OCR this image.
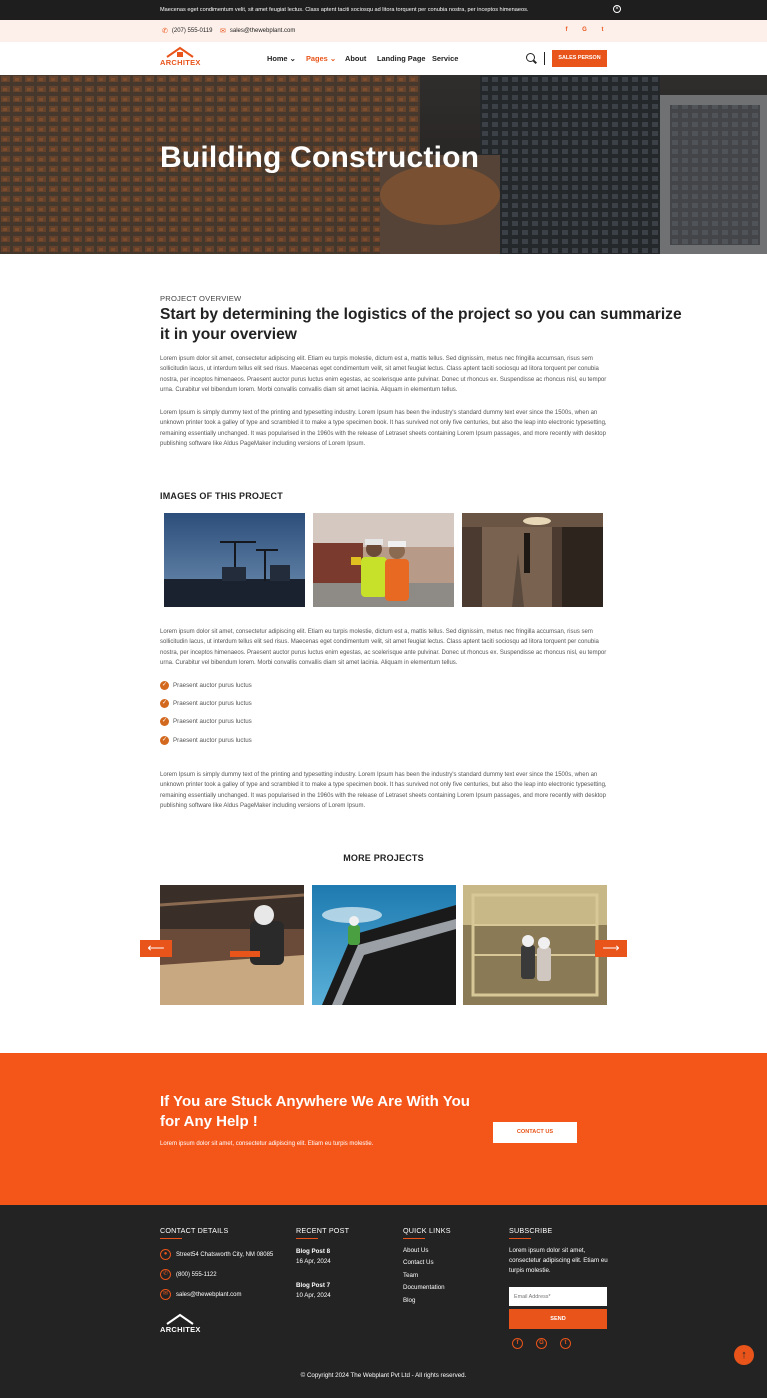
Maecenas eget condimentum velit, sit amet feugiat lectus. Class aptent taciti sociosqu ad litora torquent per conubia nostra, per inceptos himenaeos.	×
✆ (207) 555-0119 ✉ sales@thewebplant.com	f	G	t
ARCHITEX	Home ⌄ Pages ⌄ About Landing Page Service	SALES PERSON
Building Construction
PROJECT OVERVIEW
Start by determining the logistics of the project so you can summarize
it in your overview

Lorem ipsum dolor sit amet, consectetur adipiscing elit. Etiam eu turpis molestie, dictum est a, mattis tellus. Sed dignissim, metus nec fringilla accumsan, risus sem sollicitudin lacus, ut interdum tellus elit sed risus. Maecenas eget condimentum velit, sit amet feugiat lectus. Class aptent taciti sociosqu ad litora torquent per conubia nostra, per inceptos himenaeos. Praesent auctor purus luctus enim egestas, ac scelerisque ante pulvinar. Donec ut rhoncus ex. Suspendisse ac rhoncus nisl, eu tempor urna. Curabitur vel bibendum lorem. Morbi convallis convallis diam sit amet lacinia. Aliquam in elementum tellus.

Lorem Ipsum is simply dummy text of the printing and typesetting industry. Lorem Ipsum has been the industry's standard dummy text ever since the 1500s, when an unknown printer took a galley of type and scrambled it to make a type specimen book. It has survived not only five centuries, but also the leap into electronic typesetting, remaining essentially unchanged. It was popularised in the 1960s with the release of Letraset sheets containing Lorem Ipsum passages, and more recently with desktop publishing software like Aldus PageMaker including versions of Lorem Ipsum.

IMAGES OF THIS PROJECT

Lorem ipsum dolor sit amet, consectetur adipiscing elit. Etiam eu turpis molestie, dictum est a, mattis tellus. Sed dignissim, metus nec fringilla accumsan, risus sem sollicitudin lacus, ut interdum tellus elit sed risus. Maecenas eget condimentum velit, sit amet feugiat lectus. Class aptent taciti sociosqu ad litora torquent per conubia nostra, per inceptos himenaeos. Praesent auctor purus luctus enim egestas, ac scelerisque ante pulvinar. Donec ut rhoncus ex. Suspendisse ac rhoncus nisl, eu tempor urna. Curabitur vel bibendum lorem. Morbi convallis convallis diam sit amet lacinia. Aliquam in elementum tellus.

✓ Praesent auctor purus luctus
✓ Praesent auctor purus luctus
✓ Praesent auctor purus luctus
✓ Praesent auctor purus luctus

Lorem Ipsum is simply dummy text of the printing and typesetting industry. Lorem Ipsum has been the industry's standard dummy text ever since the 1500s, when an unknown printer took a galley of type and scrambled it to make a type specimen book. It has survived not only five centuries, but also the leap into electronic typesetting, remaining essentially unchanged. It was popularised in the 1960s with the release of Letraset sheets containing Lorem Ipsum passages, and more recently with desktop publishing software like Aldus PageMaker including versions of Lorem Ipsum.

MORE PROJECTS
⟵	⟶
If You are Stuck Anywhere We Are With You for Any Help !

Lorem ipsum dolor sit amet, consectetur adipiscing elit. Etiam eu turpis molestie.

CONTACT US
CONTACT DETAILS
●	Street54 Chatsworth City, NM 08085
✆	(800) 555-1122
✉	sales@thewebplant.com
ARCHITEX
RECENT POST
Blog Post 8
16 Apr, 2024
Blog Post 7
10 Apr, 2024
QUICK LINKS
About Us
Contact Us
Team
Documentation
Blog
SUBSCRIBE

Lorem ipsum dolor sit amet, consectetur adipiscing elit. Etiam eu turpis molestie.

Email Address*
SEND
f	G	t
↑
© Copyright 2024 The Webplant Pvt Ltd - All rights reserved.
